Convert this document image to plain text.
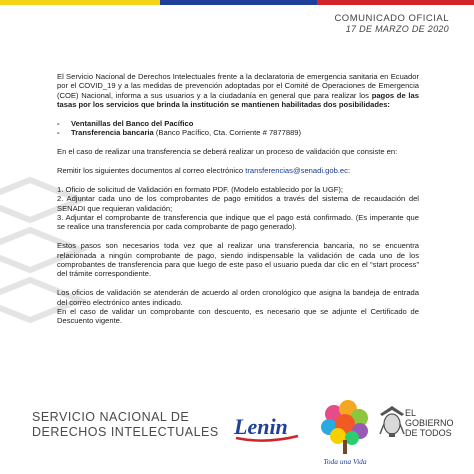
COMUNICADO OFICIAL
17 DE MARZO DE 2020

El Servicio Nacional de Derechos Intelectuales frente a la declaratoria de emergencia sanitaria en Ecuador por el COVID_19 y a las medidas de prevención adoptadas por el Comité de Operaciones de Emergencia (COE) Nacional, informa a sus usuarios y a la ciudadanía en general que para realizar los pagos de las tasas por los servicios que brinda la institución se mantienen habilitadas dos posibilidades:

-	Ventanillas del Banco del Pacífico
-	Transferencia bancaria (Banco Pacífico, Cta. Corriente # 7877889)

En el caso de realizar una transferencia se deberá realizar un proceso de validación que consiste en:

Remitir los siguientes documentos al correo electrónico transferencias@senadi.gob.ec:

1. Oficio de solicitud de Validación en formato PDF. (Modelo establecido por la UGF);

2. Adjuntar cada uno de los comprobantes de pago emitidos a través del sistema de recaudación del SENADI que requieran validación;

3. Adjuntar el comprobante de transferencia que indique que el pago está confirmado. (Es imperante que se realice una transferencia por cada comprobante de pago generado).

Estos pasos son necesarios toda vez que al realizar una transferencia bancaria, no se encuentra relacionada a ningún comprobante de pago, siendo indispensable la validación de cada uno de los comprobantes de transferencia para que luego de este paso el usuario pueda dar clic en el “start process” del trámite correspondiente.

Los oficios de validación se atenderán de acuerdo al orden cronológico que asigna la bandeja de entrada del correo electrónico antes indicado.

En el caso de validar un comprobante con descuento, es necesario que se adjunte el Certificado de Descuento vigente.

SERVICIO NACIONAL DE
DERECHOS INTELECTUALES Lenin
Toda una Vida
EL
GOBIERNO
DE TODOS
